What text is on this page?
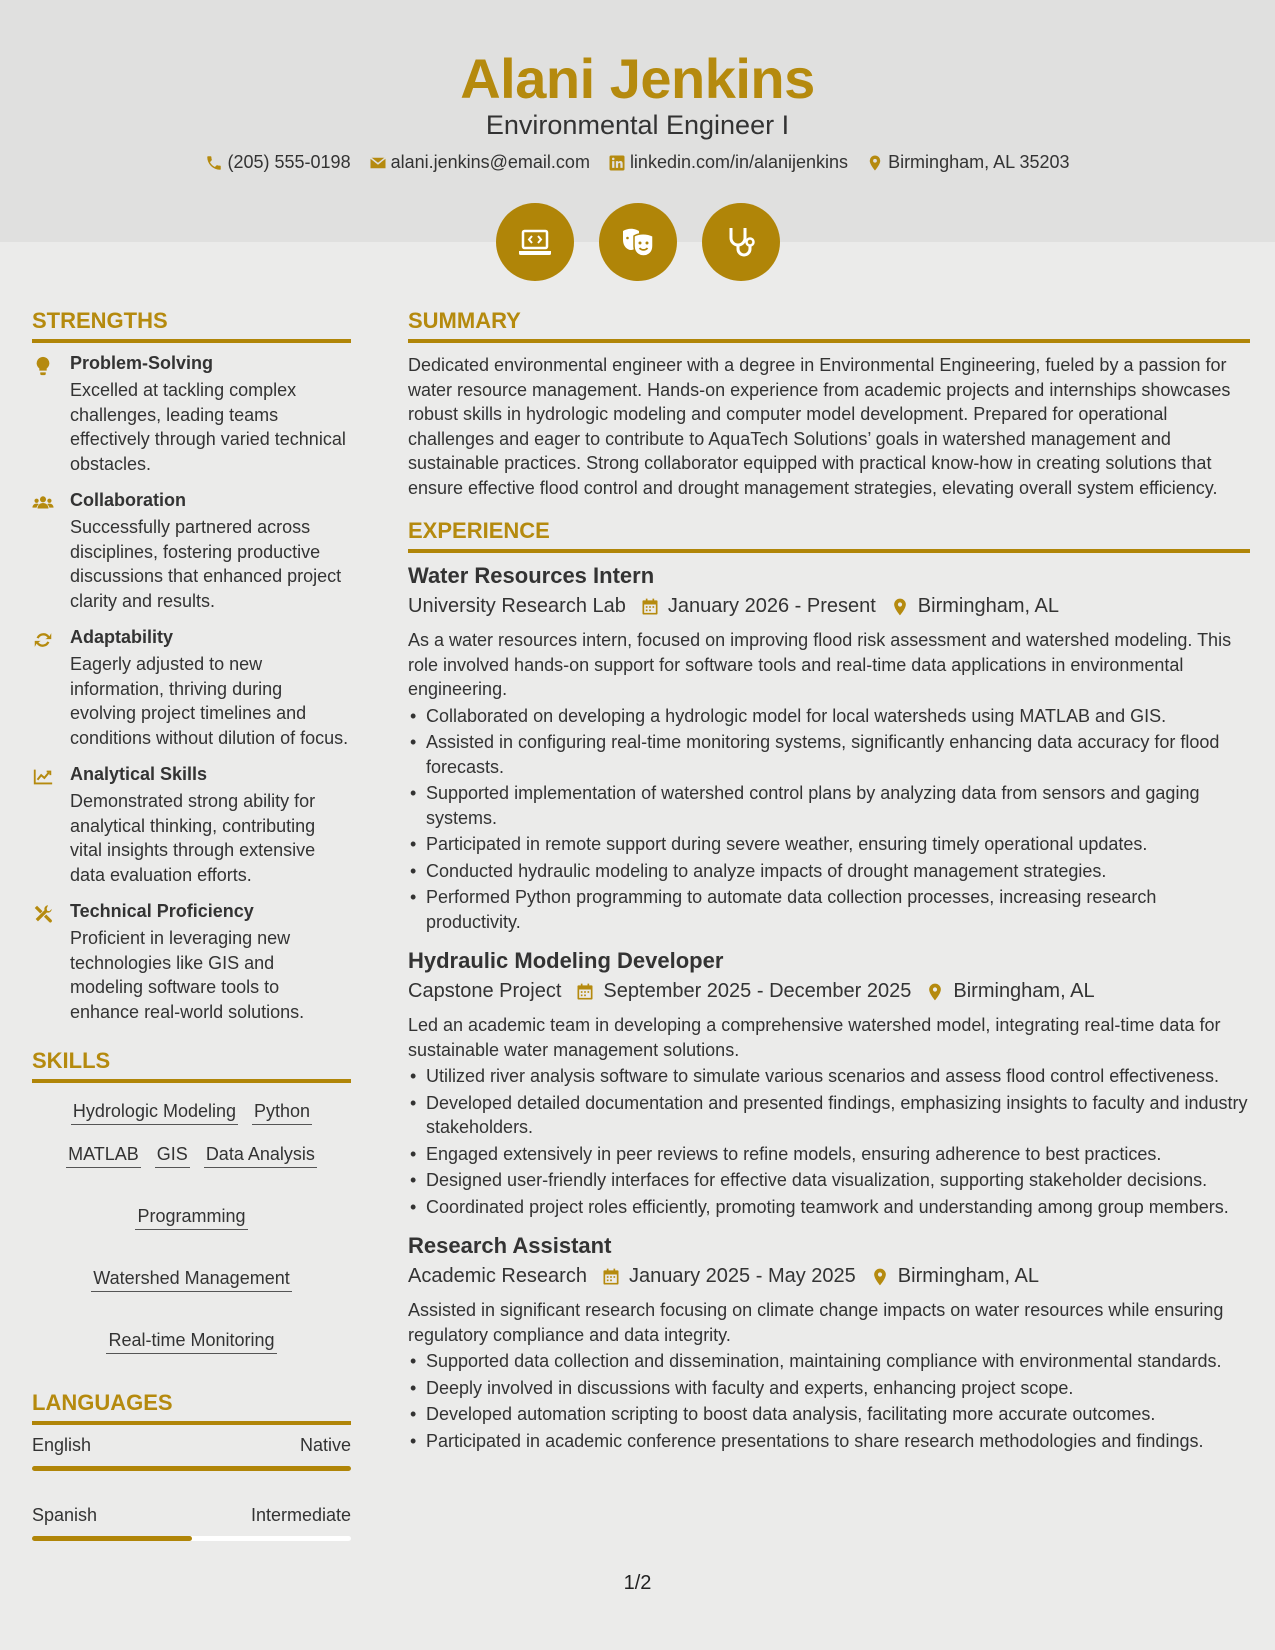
Alani Jenkins
Environmental Engineer I
(205) 555-0198 alani.jenkins@email.com linkedin.com/in/alanijenkins Birmingham, AL 35203
STRENGTHS
Problem-Solving
Excelled at tackling complex challenges, leading teams effectively through varied technical obstacles.
Collaboration
Successfully partnered across disciplines, fostering productive discussions that enhanced project clarity and results.
Adaptability
Eagerly adjusted to new information, thriving during evolving project timelines and conditions without dilution of focus.
Analytical Skills
Demonstrated strong ability for analytical thinking, contributing vital insights through extensive data evaluation efforts.
Technical Proficiency
Proficient in leveraging new technologies like GIS and modeling software tools to enhance real-world solutions.
SKILLS
Hydrologic Modeling Python
MATLAB GIS Data Analysis
Programming
Watershed Management
Real-time Monitoring
LANGUAGES
English	Native
Spanish	Intermediate
SUMMARY
Dedicated environmental engineer with a degree in Environmental Engineering, fueled by a passion for water resource management. Hands-on experience from academic projects and internships showcases robust skills in hydrologic modeling and computer model development. Prepared for operational challenges and eager to contribute to AquaTech Solutions’ goals in watershed management and sustainable practices. Strong collaborator equipped with practical know-how in creating solutions that ensure effective flood control and drought management strategies, elevating overall system efficiency.
EXPERIENCE
Water Resources Intern
University Research Lab January 2026 - Present Birmingham, AL
As a water resources intern, focused on improving flood risk assessment and watershed modeling. This role involved hands-on support for software tools and real-time data applications in environmental engineering.
• Collaborated on developing a hydrologic model for local watersheds using MATLAB and GIS.
• Assisted in configuring real-time monitoring systems, significantly enhancing data accuracy for flood forecasts.
• Supported implementation of watershed control plans by analyzing data from sensors and gaging systems.
• Participated in remote support during severe weather, ensuring timely operational updates.
• Conducted hydraulic modeling to analyze impacts of drought management strategies.
• Performed Python programming to automate data collection processes, increasing research productivity.
Hydraulic Modeling Developer
Capstone Project September 2025 - December 2025 Birmingham, AL
Led an academic team in developing a comprehensive watershed model, integrating real-time data for sustainable water management solutions.
• Utilized river analysis software to simulate various scenarios and assess flood control effectiveness.
• Developed detailed documentation and presented findings, emphasizing insights to faculty and industry stakeholders.
• Engaged extensively in peer reviews to refine models, ensuring adherence to best practices.
• Designed user-friendly interfaces for effective data visualization, supporting stakeholder decisions.
• Coordinated project roles efficiently, promoting teamwork and understanding among group members.
Research Assistant
Academic Research January 2025 - May 2025 Birmingham, AL
Assisted in significant research focusing on climate change impacts on water resources while ensuring regulatory compliance and data integrity.
• Supported data collection and dissemination, maintaining compliance with environmental standards.
• Deeply involved in discussions with faculty and experts, enhancing project scope.
• Developed automation scripting to boost data analysis, facilitating more accurate outcomes.
• Participated in academic conference presentations to share research methodologies and findings.
1/2
